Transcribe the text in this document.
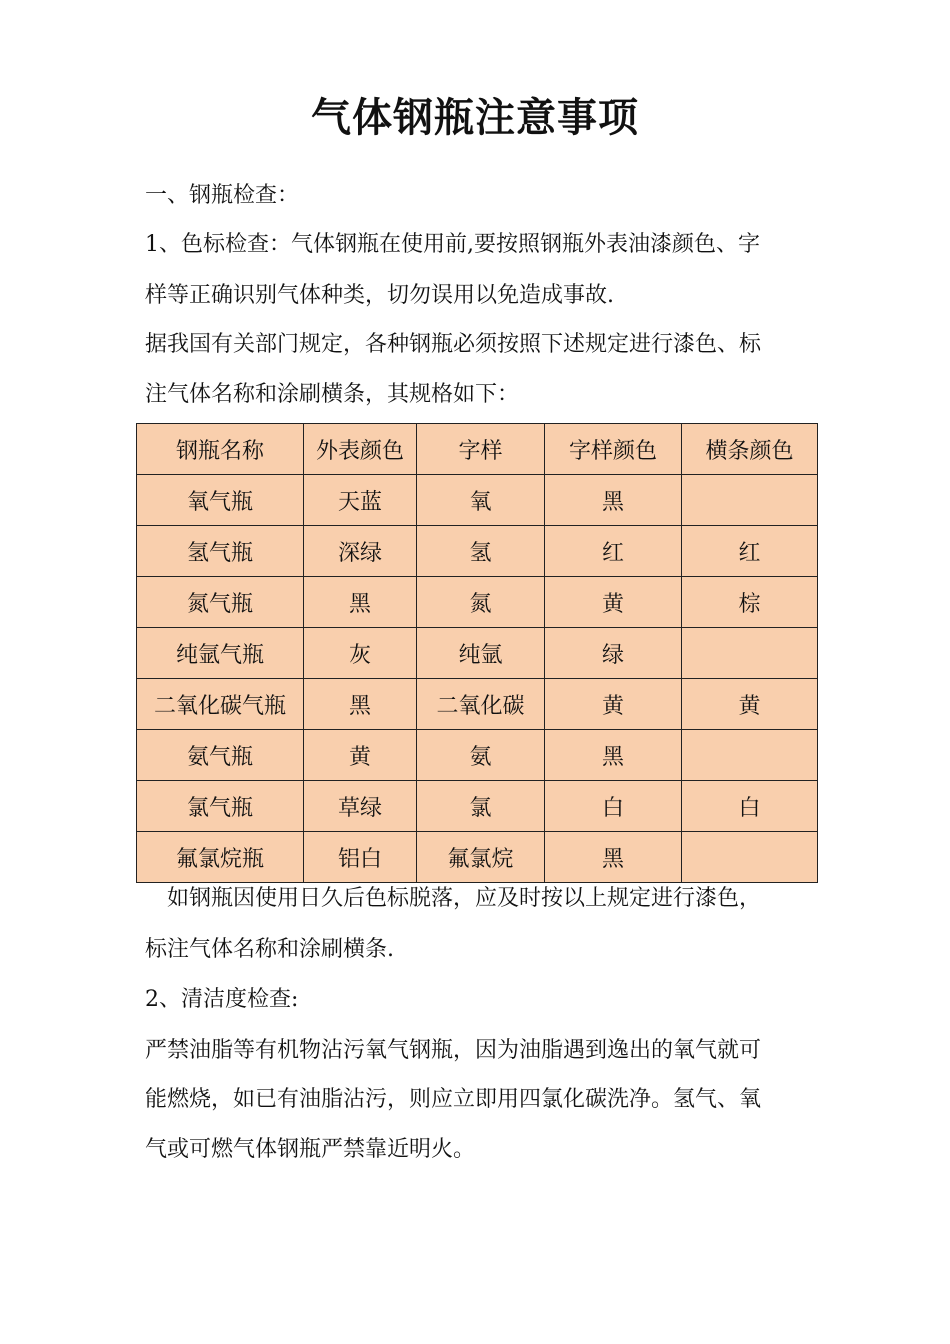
气体钢瓶注意事项

一、钢瓶检查：

1、色标检查：气体钢瓶在使用前,要按照钢瓶外表油漆颜色、字

样等正确识别气体种类，切勿误用以免造成事故.

据我国有关部门规定，各种钢瓶必须按照下述规定进行漆色、标

注气体名称和涂刷横条，其规格如下：

钢瓶名称	外表颜色	字样	字样颜色	横条颜色
氧气瓶	天蓝	氧	黑	
氢气瓶	深绿	氢	红	红
氮气瓶	黑	氮	黄	棕
纯氩气瓶	灰	纯氩	绿	
二氧化碳气瓶	黑	二氧化碳	黄	黄
氨气瓶	黄	氨	黑	
氯气瓶	草绿	氯	白	白
氟氯烷瓶	铝白	氟氯烷	黑	

　如钢瓶因使用日久后色标脱落，应及时按以上规定进行漆色，

标注气体名称和涂刷横条.

2、清洁度检查:

严禁油脂等有机物沾污氧气钢瓶，因为油脂遇到逸出的氧气就可

能燃烧，如已有油脂沾污，则应立即用四氯化碳洗净。氢气、氧

气或可燃气体钢瓶严禁靠近明火。
